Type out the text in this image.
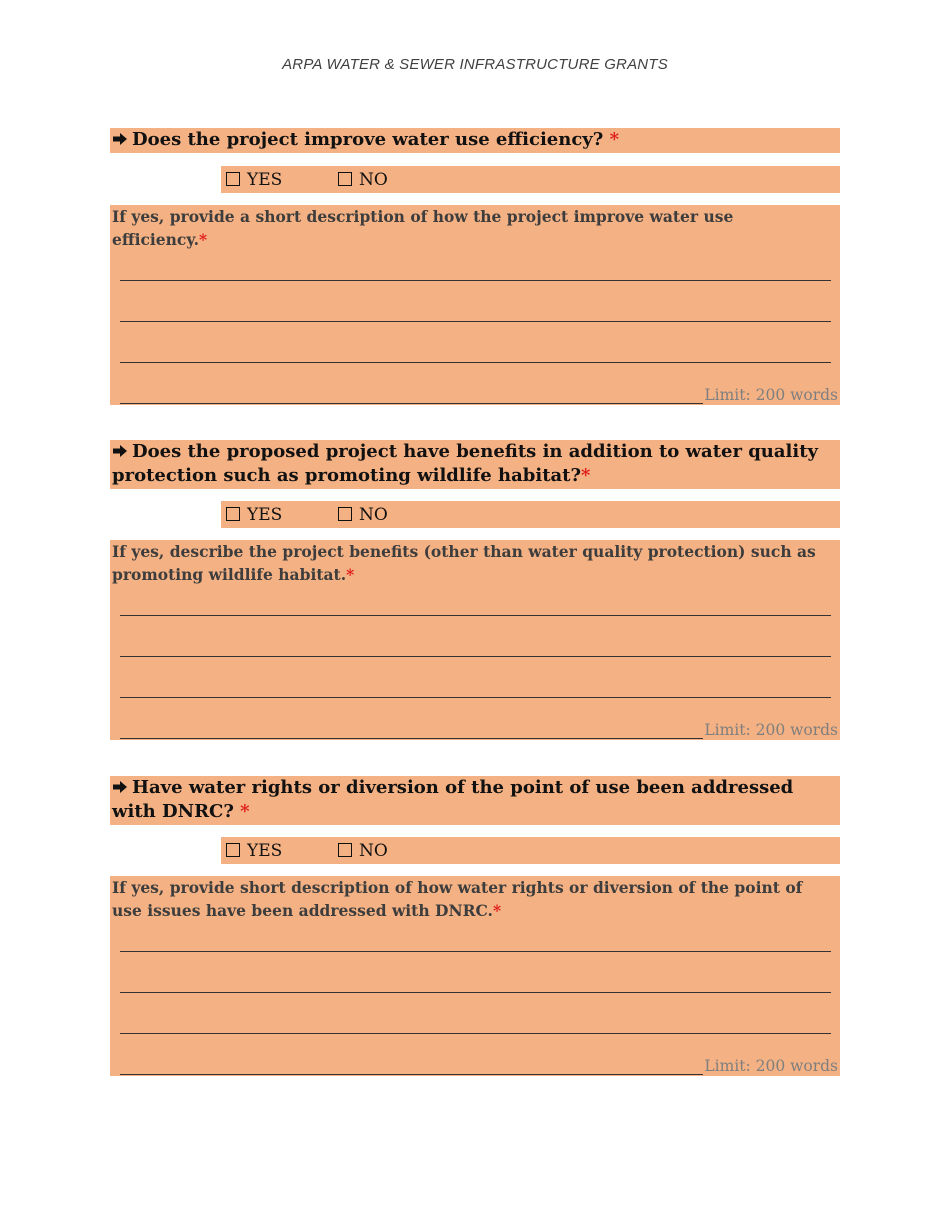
ARPA WATER & SEWER INFRASTRUCTURE GRANTS
Does the project improve water use efficiency? *
YES	NO
If yes, provide a short description of how the project improve water use efficiency.*
Limit: 200 words
Does the proposed project have benefits in addition to water quality protection such as promoting wildlife habitat?*
YES	NO
If yes, describe the project benefits (other than water quality protection) such as promoting wildlife habitat.*
Limit: 200 words
Have water rights or diversion of the point of use been addressed with DNRC? *
YES	NO
If yes, provide short description of how water rights or diversion of the point of use issues have been addressed with DNRC.*
Limit: 200 words
